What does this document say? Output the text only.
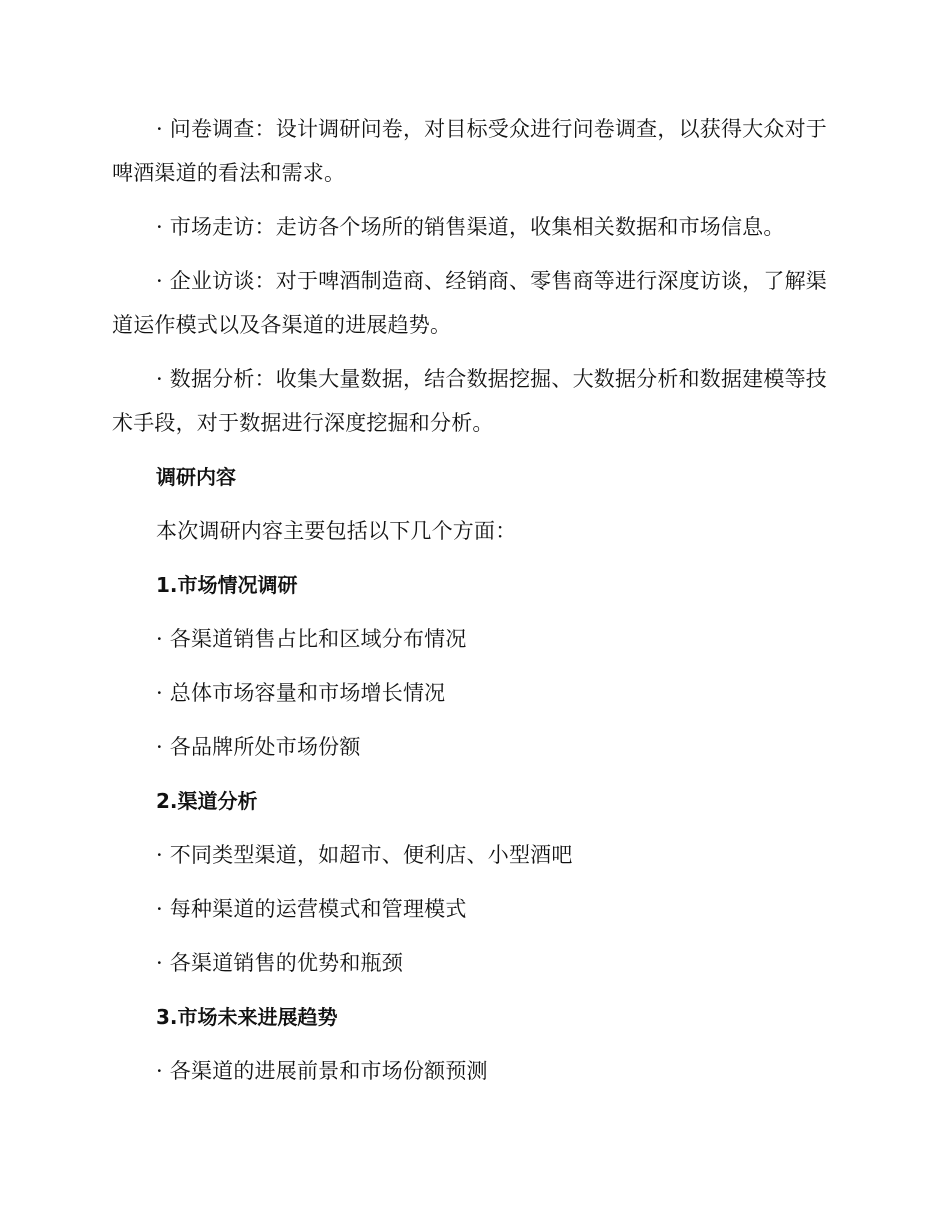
· 问卷调查：设计调研问卷，对目标受众进行问卷调查，以获得大众对于啤酒渠道的看法和需求。

· 市场走访：走访各个场所的销售渠道，收集相关数据和市场信息。

· 企业访谈：对于啤酒制造商、经销商、零售商等进行深度访谈，了解渠道运作模式以及各渠道的进展趋势。

· 数据分析：收集大量数据，结合数据挖掘、大数据分析和数据建模等技术手段，对于数据进行深度挖掘和分析。

调研内容

本次调研内容主要包括以下几个方面：

1.市场情况调研

· 各渠道销售占比和区域分布情况

· 总体市场容量和市场增长情况

· 各品牌所处市场份额

2.渠道分析

· 不同类型渠道，如超市、便利店、小型酒吧

· 每种渠道的运营模式和管理模式

· 各渠道销售的优势和瓶颈

3.市场未来进展趋势

· 各渠道的进展前景和市场份额预测
